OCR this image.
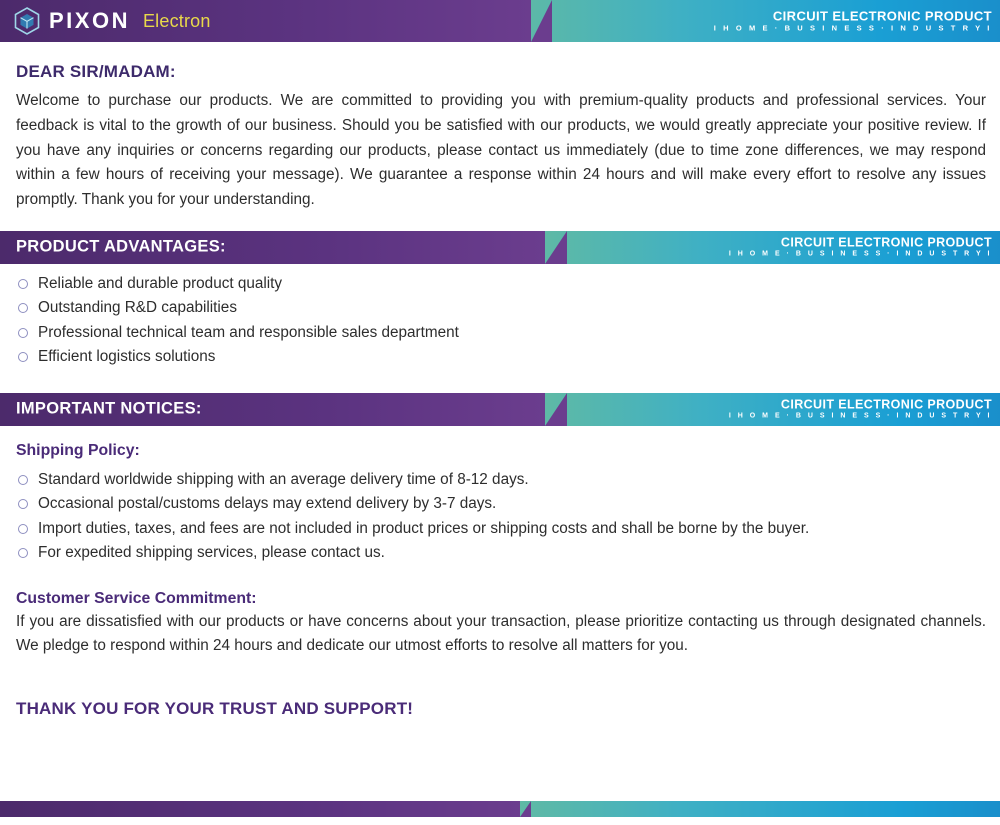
PIXON Electron	CIRCUIT ELECTRONIC PRODUCT
I H O M E · B U S I N E S S · I N D U S T R Y I
DEAR SIR/MADAM:

Welcome to purchase our products. We are committed to providing you with premium-quality products and professional services. Your feedback is vital to the growth of our business. Should you be satisfied with our products, we would greatly appreciate your positive review. If you have any inquiries or concerns regarding our products, please contact us immediately (due to time zone differences, we may respond within a few hours of receiving your message). We guarantee a response within 24 hours and will make every effort to resolve any issues promptly. Thank you for your understanding.

PRODUCT ADVANTAGES:	CIRCUIT ELECTRONIC PRODUCT
I H O M E · B U S I N E S S · I N D U S T R Y I
Reliable and durable product quality
Outstanding R&D capabilities
Professional technical team and responsible sales department
Efficient logistics solutions
IMPORTANT NOTICES:	CIRCUIT ELECTRONIC PRODUCT
I H O M E · B U S I N E S S · I N D U S T R Y I
Shipping Policy:
Standard worldwide shipping with an average delivery time of 8-12 days.
Occasional postal/customs delays may extend delivery by 3-7 days.
Import duties, taxes, and fees are not included in product prices or shipping costs and shall be borne by the buyer.
For expedited shipping services, please contact us.
Customer Service Commitment:

If you are dissatisfied with our products or have concerns about your transaction, please prioritize contacting us through designated channels. We pledge to respond within 24 hours and dedicate our utmost efforts to resolve all matters for you.

THANK YOU FOR YOUR TRUST AND SUPPORT!
